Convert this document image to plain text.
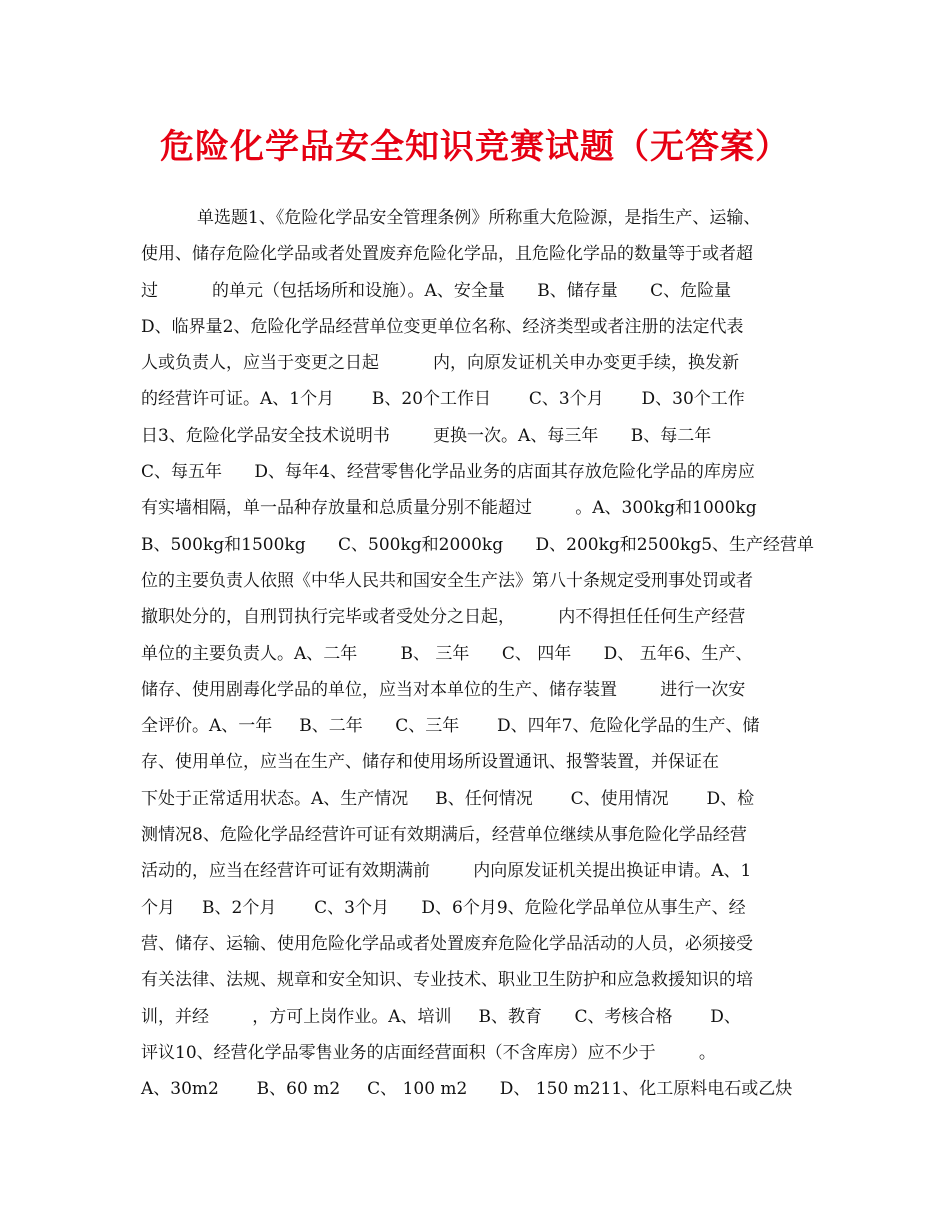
危险化学品安全知识竞赛试题（无答案）
单选题1、《危险化学品安全管理条例》所称重大危险源，是指生产、运输、
使用、储存危险化学品或者处置废弃危险化学品，且危险化学品的数量等于或者超
过          的单元（包括场所和设施）。A、安全量      B、储存量      C、危险量
D、临界量2、危险化学品经营单位变更单位名称、经济类型或者注册的法定代表
人或负责人，应当于变更之日起          内，向原发证机关申办变更手续，换发新
的经营许可证。A、1个月       B、20个工作日       C、3个月       D、30个工作
日3、危险化学品安全技术说明书        更换一次。A、每三年      B、每二年
C、每五年      D、每年4、经营零售化学品业务的店面其存放危险化学品的库房应
有实墙相隔，单一品种存放量和总质量分别不能超过        。A、300kg和1000kg
B、500kg和1500kg      C、500kg和2000kg      D、200kg和2500kg5、生产经营单
位的主要负责人依照《中华人民共和国安全生产法》第八十条规定受刑事处罚或者
撤职处分的，自刑罚执行完毕或者受处分之日起，        内不得担任任何生产经营
单位的主要负责人。A、二年        B、 三年      C、 四年      D、 五年6、生产、
储存、使用剧毒化学品的单位，应当对本单位的生产、储存装置        进行一次安
全评价。A、一年     B、二年      C、三年       D、四年7、危险化学品的生产、储
存、使用单位，应当在生产、储存和使用场所设置通讯、报警装置，并保证在
下处于正常适用状态。A、生产情况     B、任何情况       C、使用情况       D、检
测情况8、危险化学品经营许可证有效期满后，经营单位继续从事危险化学品经营
活动的，应当在经营许可证有效期满前        内向原发证机关提出换证申请。A、1
个月     B、2个月       C、3个月      D、6个月9、危险化学品单位从事生产、经
营、储存、运输、使用危险化学品或者处置废弃危险化学品活动的人员，必须接受
有关法律、法规、规章和安全知识、专业技术、职业卫生防护和应急救援知识的培
训，并经        ，方可上岗作业。A、培训     B、教育      C、考核合格       D、
评议10、经营化学品零售业务的店面经营面积（不含库房）应不少于        。
A、30m2       B、60 m2     C、 100 m2      D、 150 m211、化工原料电石或乙炔
